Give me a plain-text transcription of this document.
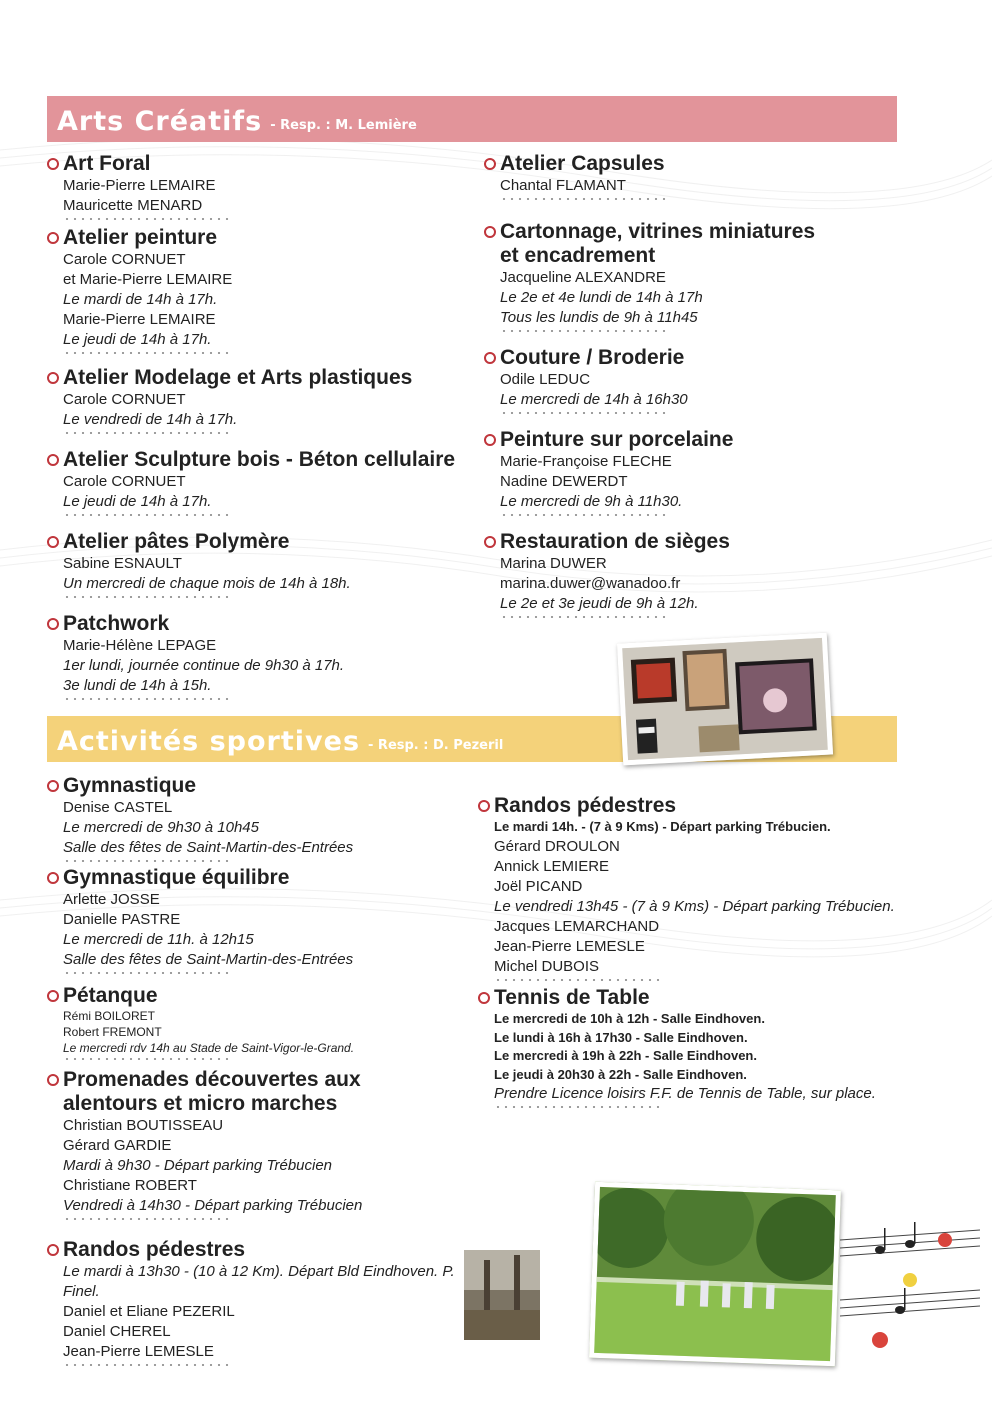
Arts Créatifs - Resp. : M. Lemière
Activités sportives - Resp. : D. Pezeril
Art Foral
Marie-Pierre LEMAIRE
Mauricette MENARD
Atelier peinture
Carole CORNUET
et Marie-Pierre LEMAIRE
Le mardi de 14h à 17h.
Marie-Pierre LEMAIRE
Le jeudi de 14h à 17h.
Atelier Modelage et Arts plastiques
Carole CORNUET
Le vendredi de 14h à 17h.
Atelier Sculpture bois - Béton cellulaire
Carole CORNUET
Le jeudi de 14h à 17h.
Atelier pâtes Polymère
Sabine ESNAULT
Un mercredi de chaque mois de 14h à 18h.
Patchwork
Marie-Hélène LEPAGE
1er lundi, journée continue de 9h30 à 17h.
3e lundi de 14h à 15h.
Atelier Capsules
Chantal FLAMANT
Cartonnage, vitrines miniatures et encadrement
Jacqueline ALEXANDRE
Le 2e et 4e lundi de 14h à 17h
Tous les lundis de 9h à 11h45
Couture / Broderie
Odile LEDUC
Le mercredi de 14h à 16h30
Peinture sur porcelaine
Marie-Françoise FLECHE
Nadine DEWERDT
Le mercredi de 9h à 11h30.
Restauration de sièges
Marina DUWER
marina.duwer@wanadoo.fr
Le 2e et 3e jeudi de 9h à 12h.
Gymnastique
Denise CASTEL
Le mercredi de 9h30 à 10h45
Salle des fêtes de Saint-Martin-des-Entrées
Gymnastique équilibre
Arlette JOSSE
Danielle PASTRE
Le mercredi de 11h. à 12h15
Salle des fêtes de Saint-Martin-des-Entrées
Pétanque
Rémi BOILORET
Robert FREMONT
Le mercredi rdv 14h au Stade de Saint-Vigor-le-Grand.
Promenades découvertes aux alentours et micro marches
Christian BOUTISSEAU
Gérard GARDIE
Mardi à 9h30 - Départ parking Trébucien
Christiane ROBERT
Vendredi à 14h30 - Départ parking Trébucien
Randos pédestres
Le mardi à 13h30 - (10 à 12 Km). Départ Bld Eindhoven. P. Finel.
Daniel et Eliane PEZERIL
Daniel CHEREL
Jean-Pierre LEMESLE
Randos pédestres
Le mardi 14h. - (7 à 9 Kms) - Départ parking Trébucien.
Gérard DROULON
Annick LEMIERE
Joël PICAND
Le vendredi 13h45 - (7 à 9 Kms) - Départ parking Trébucien.
Jacques LEMARCHAND
Jean-Pierre LEMESLE
Michel DUBOIS
Tennis de Table
Le mercredi de 10h à 12h - Salle Eindhoven.
Le lundi à 16h à 17h30 - Salle Eindhoven.
Le mercredi à 19h à 22h - Salle Eindhoven.
Le jeudi à 20h30 à 22h - Salle Eindhoven.
Prendre Licence loisirs F.F. de Tennis de Table, sur place.
